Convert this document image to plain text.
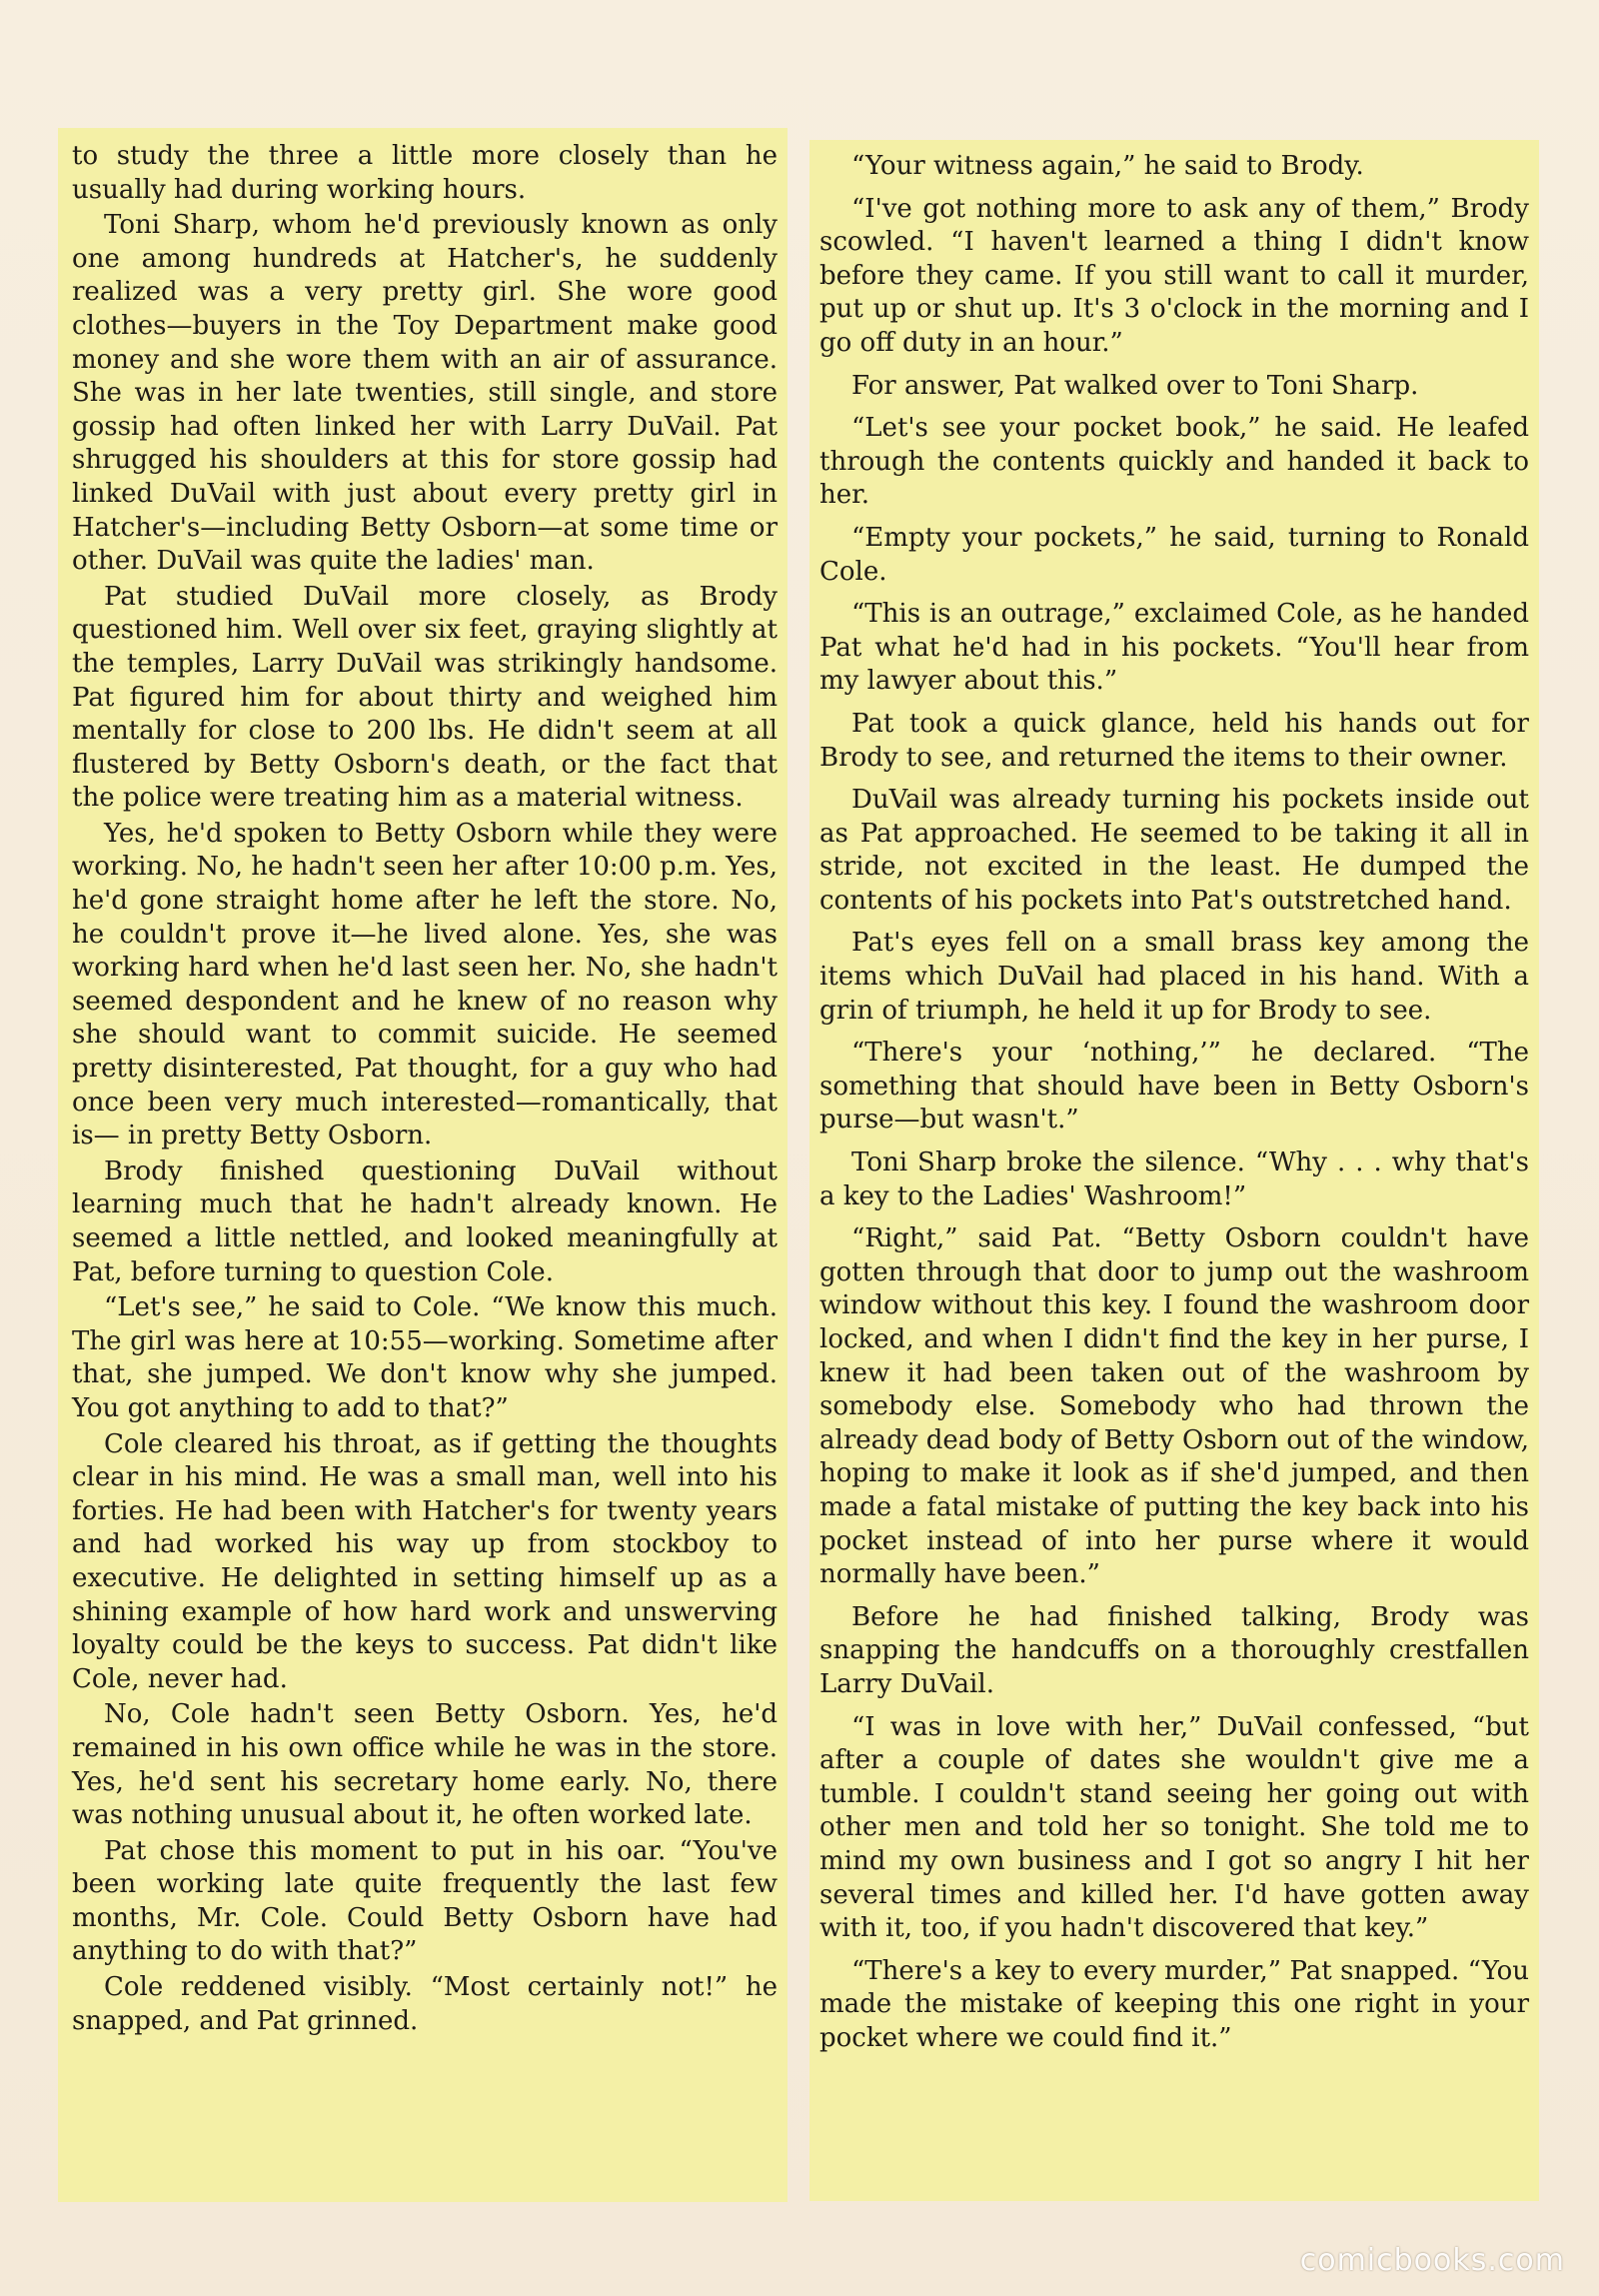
to study the three a little more closely than he usually had during working hours.

Toni Sharp, whom he'd previously known as only one among hundreds at Hatcher's, he suddenly realized was a very pretty girl. She wore good clothes—buyers in the Toy Department make good money and she wore them with an air of assurance. She was in her late twenties, still single, and store gossip had often linked her with Larry DuVail. Pat shrugged his shoulders at this for store gossip had linked DuVail with just about every pretty girl in Hatcher's—including Betty Osborn—at some time or other. DuVail was quite the ladies' man.

Pat studied DuVail more closely, as Brody questioned him. Well over six feet, graying slightly at the temples, Larry DuVail was strikingly handsome. Pat figured him for about thirty and weighed him mentally for close to 200 lbs. He didn't seem at all flustered by Betty Osborn's death, or the fact that the police were treating him as a material witness.

Yes, he'd spoken to Betty Osborn while they were working. No, he hadn't seen her after 10:00 p.m. Yes, he'd gone straight home after he left the store. No, he couldn't prove it—he lived alone. Yes, she was working hard when he'd last seen her. No, she hadn't seemed despondent and he knew of no reason why she should want to commit suicide. He seemed pretty disinterested, Pat thought, for a guy who had once been very much interested—romantically, that is— in pretty Betty Osborn.

Brody finished questioning DuVail without learning much that he hadn't already known. He seemed a little nettled, and looked meaningfully at Pat, before turning to question Cole.

“Let's see,” he said to Cole. “We know this much. The girl was here at 10:55—working. Sometime after that, she jumped. We don't know why she jumped. You got anything to add to that?”

Cole cleared his throat, as if getting the thoughts clear in his mind. He was a small man, well into his forties. He had been with Hatcher's for twenty years and had worked his way up from stockboy to executive. He delighted in setting himself up as a shining example of how hard work and unswerving loyalty could be the keys to success. Pat didn't like Cole, never had.

No, Cole hadn't seen Betty Osborn. Yes, he'd remained in his own office while he was in the store. Yes, he'd sent his secretary home early. No, there was nothing unusual about it, he often worked late.

Pat chose this moment to put in his oar. “You've been working late quite frequently the last few months, Mr. Cole. Could Betty Osborn have had anything to do with that?”

Cole reddened visibly. “Most certainly not!” he snapped, and Pat grinned.

“Your witness again,” he said to Brody.

“I've got nothing more to ask any of them,” Brody scowled. “I haven't learned a thing I didn't know before they came. If you still want to call it murder, put up or shut up. It's 3 o'clock in the morning and I go off duty in an hour.”

For answer, Pat walked over to Toni Sharp.

“Let's see your pocket book,” he said. He leafed through the contents quickly and handed it back to her.

“Empty your pockets,” he said, turning to Ronald Cole.

“This is an outrage,” exclaimed Cole, as he handed Pat what he'd had in his pockets. “You'll hear from my lawyer about this.”

Pat took a quick glance, held his hands out for Brody to see, and returned the items to their owner.

DuVail was already turning his pockets inside out as Pat approached. He seemed to be taking it all in stride, not excited in the least. He dumped the contents of his pockets into Pat's outstretched hand.

Pat's eyes fell on a small brass key among the items which DuVail had placed in his hand. With a grin of triumph, he held it up for Brody to see.

“There's your ‘nothing,’” he declared. “The something that should have been in Betty Osborn's purse—but wasn't.”

Toni Sharp broke the silence. “Why . . . why that's a key to the Ladies' Washroom!”

“Right,” said Pat. “Betty Osborn couldn't have gotten through that door to jump out the washroom window without this key. I found the washroom door locked, and when I didn't find the key in her purse, I knew it had been taken out of the washroom by somebody else. Somebody who had thrown the already dead body of Betty Osborn out of the window, hoping to make it look as if she'd jumped, and then made a fatal mistake of putting the key back into his pocket instead of into her purse where it would normally have been.”

Before he had finished talking, Brody was snapping the handcuffs on a thoroughly crestfallen Larry DuVail.

“I was in love with her,” DuVail confessed, “but after a couple of dates she wouldn't give me a tumble. I couldn't stand seeing her going out with other men and told her so tonight. She told me to mind my own business and I got so angry I hit her several times and killed her. I'd have gotten away with it, too, if you hadn't discovered that key.”

“There's a key to every murder,” Pat snapped. “You made the mistake of keeping this one right in your pocket where we could find it.”

comicbooks.com
